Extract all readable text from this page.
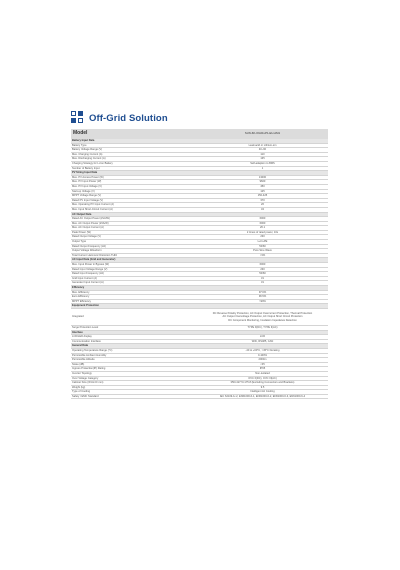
Off-Grid Solution
Model	SUN-6K-OG01LP1-EU-AM1
Battery Input Data	
Battery Type	Lead-acid or Lithium-ion
Battery Voltage Range (V)	40~60
Max. Charging Current (A)	110
Max. Discharging Current (A)	135
Charging Strategy for Li-Ion Battery	Self-adaption to BMS
Number of Battery Input	1
PV String Input Data	
Max. PV Access Power (W)	13000
Max. PV Input Power (W)	9600
Max. PV Input Voltage (V)	450
Start-up Voltage (V)	125
MPPT Voltage Range (V)	150-425
Rated PV Input Voltage (V)	370
Max. Operating PV Input Current (A)	26
Max. Input Short-Circuit Current (A)	34
AC Output Data	
Rated AC Output Power (kVA/W)	6000
Max. AC Output Power (kVA/W)	6000
Max. AC Output Current (A)	26.1
Peak Power (W)	2 times of rated power, 10s
Rated Output Voltage (V)	230
Output Type	L+N+PE
Rated Output Frequency (Hz)	50/60
Output Voltage Waveform	Pure Sine Wave
Total Current Harmonic Distortion THDi	<3%
AC Input Data (Grid and Generator)	
Max. Input Power in Bypass (W)	6000
Rated Input Voltage Range (V)	230
Rated Input Frequency (Hz)	50/60
Grid Input Current (A)	31
Generator Input Current (A)	31
Efficiency	
Max. Efficiency	97.6%
Euro Efficiency	96.5%
MPPT Efficiency	>99%
Equipment Protection	
Integrated	DC Reverse Polarity Protection, AC Output Overcurrent Protection, Thermal Protection
AC Output Overvoltage Protection, AC Output Short Circuit Protection
DC Component Monitoring, Insulation Impedance Detection

Surge Protection Level	TYPE II(DC), TYPE II(AC)
Interface	
LCD/LED display	LCD
Communication Interface	WiFi, RS485, CAN
General Data	
Operating Temperature Range (°C)	-40 to +60°C, >45°C Derating
Permissible Ambient Humidity	0-100%
Permissible Altitude	2000m
Noise (dB)	<45
Ingress Protection(IP) Rating	IP65
Inverter Topology	Non-isolated
Over Voltage Category	OVC II(DC), OVC III(AC)
Cabinet Size (W×H×D mm)	356×427.5×175.8 (Excluding Connectors and Brackets)
Weight (kg)	9.5
Type of Cooling	Intelligent Air Cooling
Safety / EMC Standard	IEC 62109-1/-2, EN61000-6-1, EN61000-6-2, EN61000-6-3, EN61000-6-4
